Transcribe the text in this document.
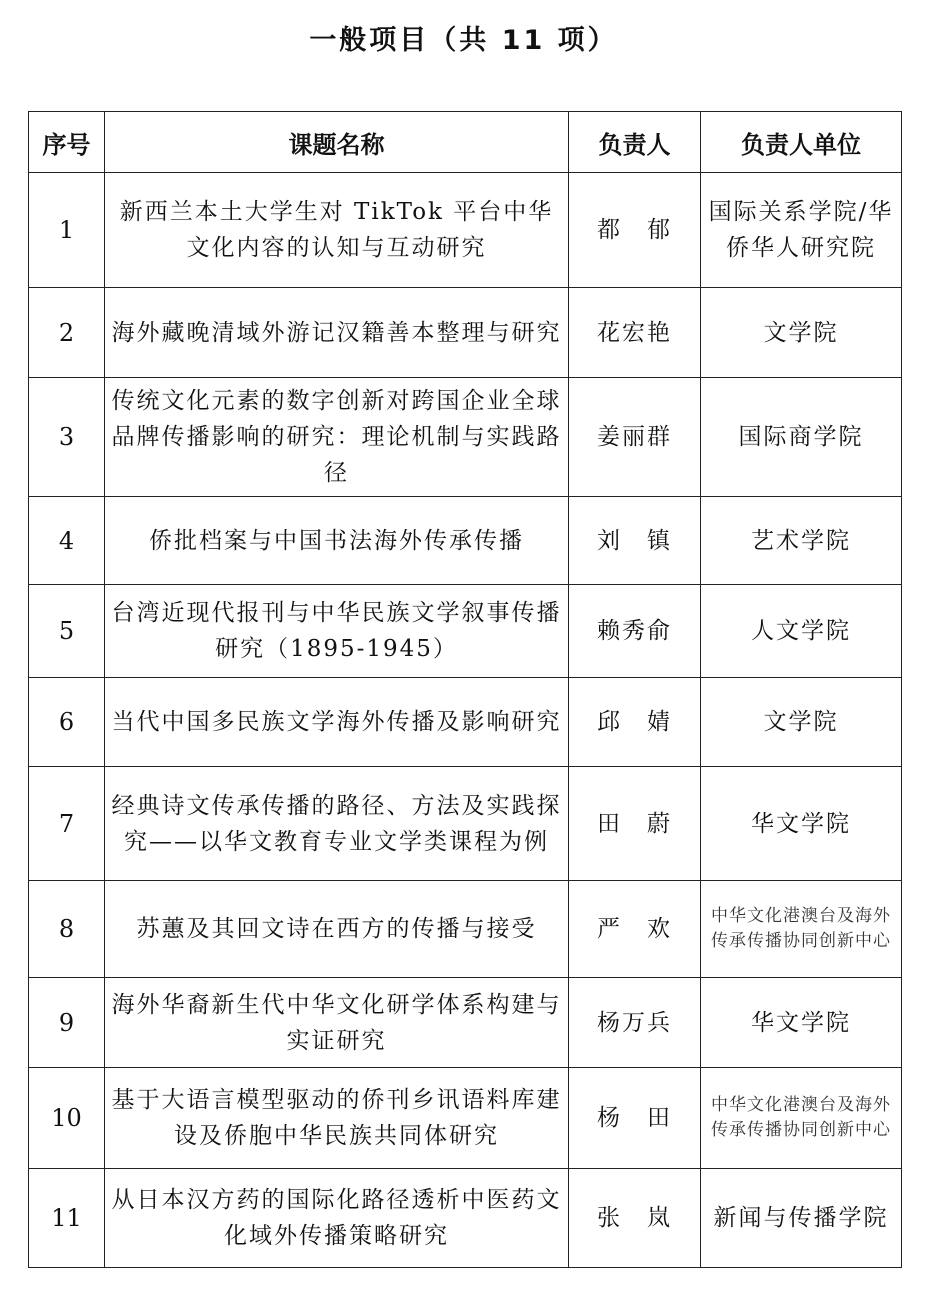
一般项目（共 11 项）
序号	课题名称	负责人	负责人单位
1	新西兰本土大学生对 TikTok 平台中华文化内容的认知与互动研究	都　郁	国际关系学院/华侨华人研究院
2	海外藏晚清域外游记汉籍善本整理与研究	花宏艳	文学院
3	传统文化元素的数字创新对跨国企业全球品牌传播影响的研究：理论机制与实践路径	姜丽群	国际商学院
4	侨批档案与中国书法海外传承传播	刘　镇	艺术学院
5	台湾近现代报刊与中华民族文学叙事传播研究（1895-1945）	赖秀俞	人文学院
6	当代中国多民族文学海外传播及影响研究	邱　婧	文学院
7	经典诗文传承传播的路径、方法及实践探究——以华文教育专业文学类课程为例	田　蔚	华文学院
8	苏蕙及其回文诗在西方的传播与接受	严　欢	中华文化港澳台及海外传承传播协同创新中心
9	海外华裔新生代中华文化研学体系构建与实证研究	杨万兵	华文学院
10	基于大语言模型驱动的侨刊乡讯语料库建设及侨胞中华民族共同体研究	杨　田	中华文化港澳台及海外传承传播协同创新中心
11	从日本汉方药的国际化路径透析中医药文化域外传播策略研究	张　岚	新闻与传播学院
